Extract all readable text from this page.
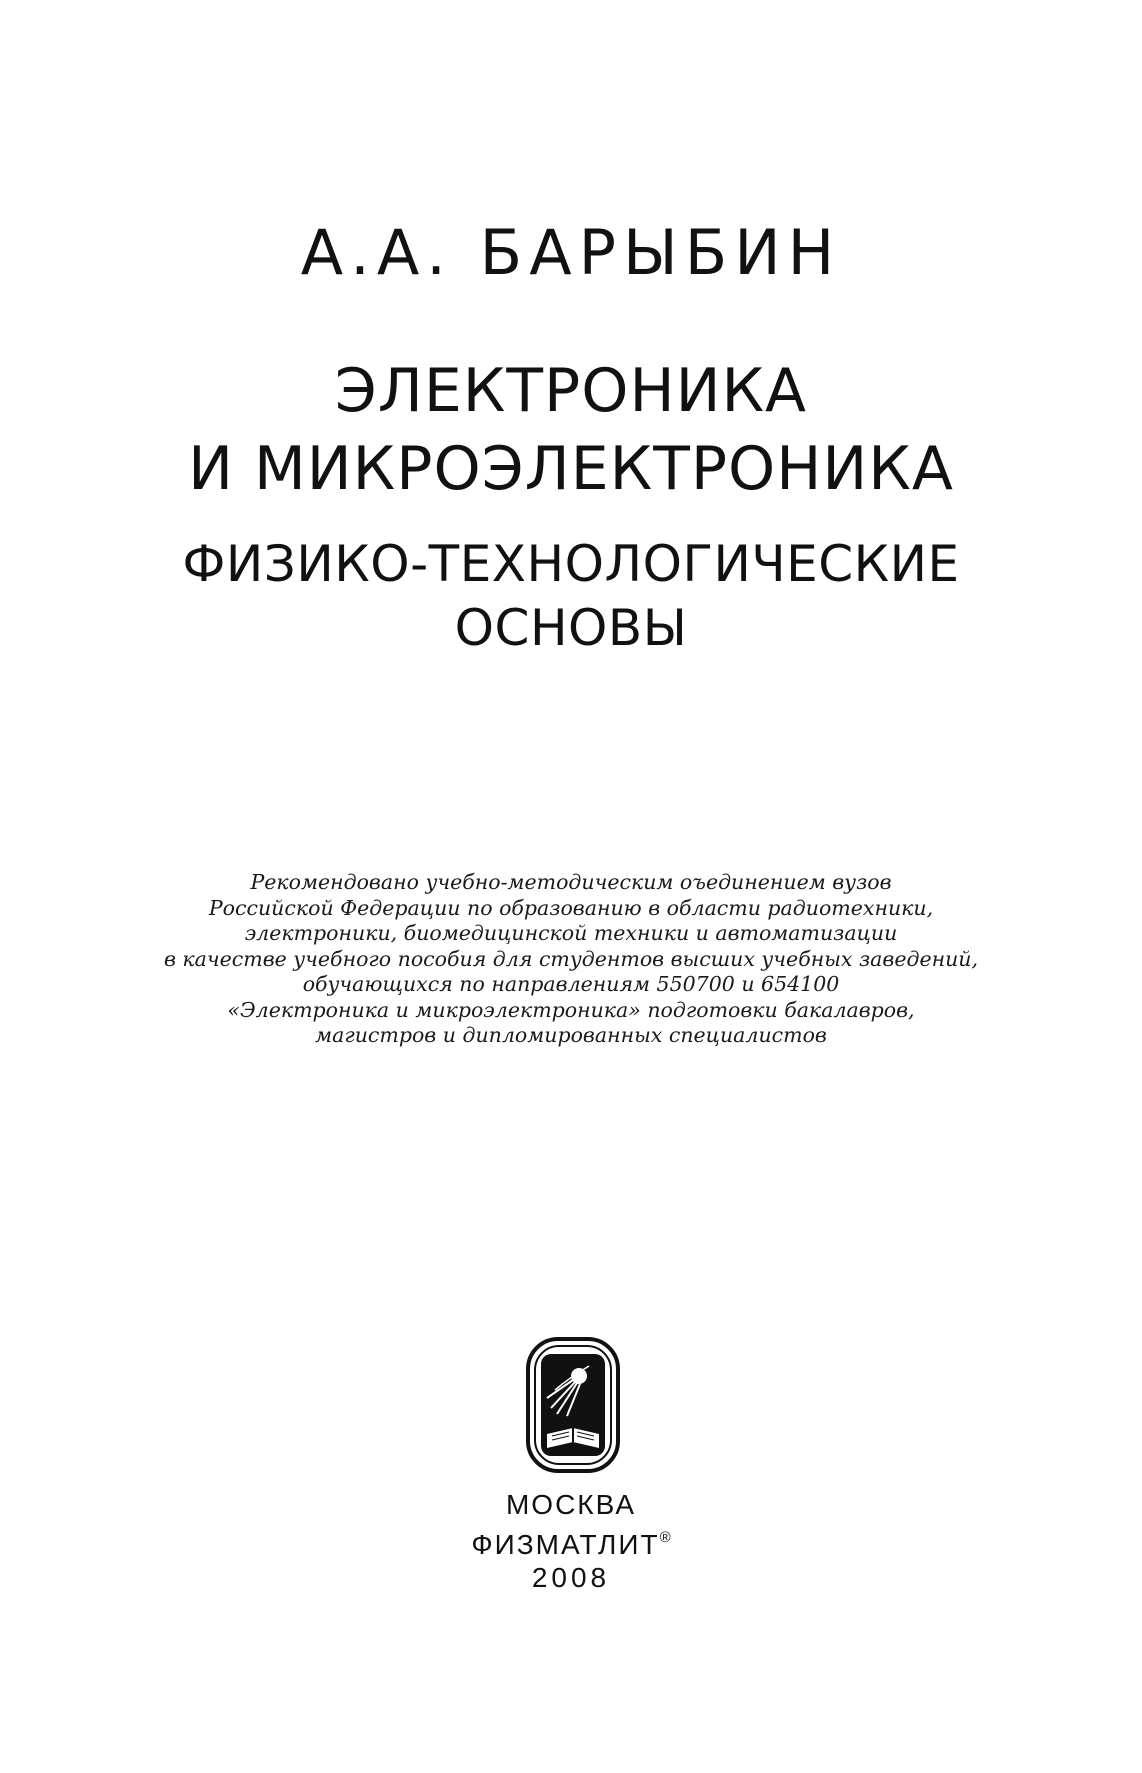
А.А. БАРЫБИН
ЭЛЕКТРОНИКА
И МИКРОЭЛЕКТРОНИКА
ФИЗИКО-ТЕХНОЛОГИЧЕСКИЕ
ОСНОВЫ
Рекомендовано учебно-методическим оъединением вузов
Российской Федерации по образованию в области радиотехники,
электроники, биомедицинской техники и автоматизации
в качестве учебного пособия для студентов высших учебных заведений,
обучающихся по направлениям 550700 и 654100
«Электроника и микроэлектроника» подготовки бакалавров,
магистров и дипломированных специалистов
МОСКВА
ФИЗМАТЛИТ®
2008
